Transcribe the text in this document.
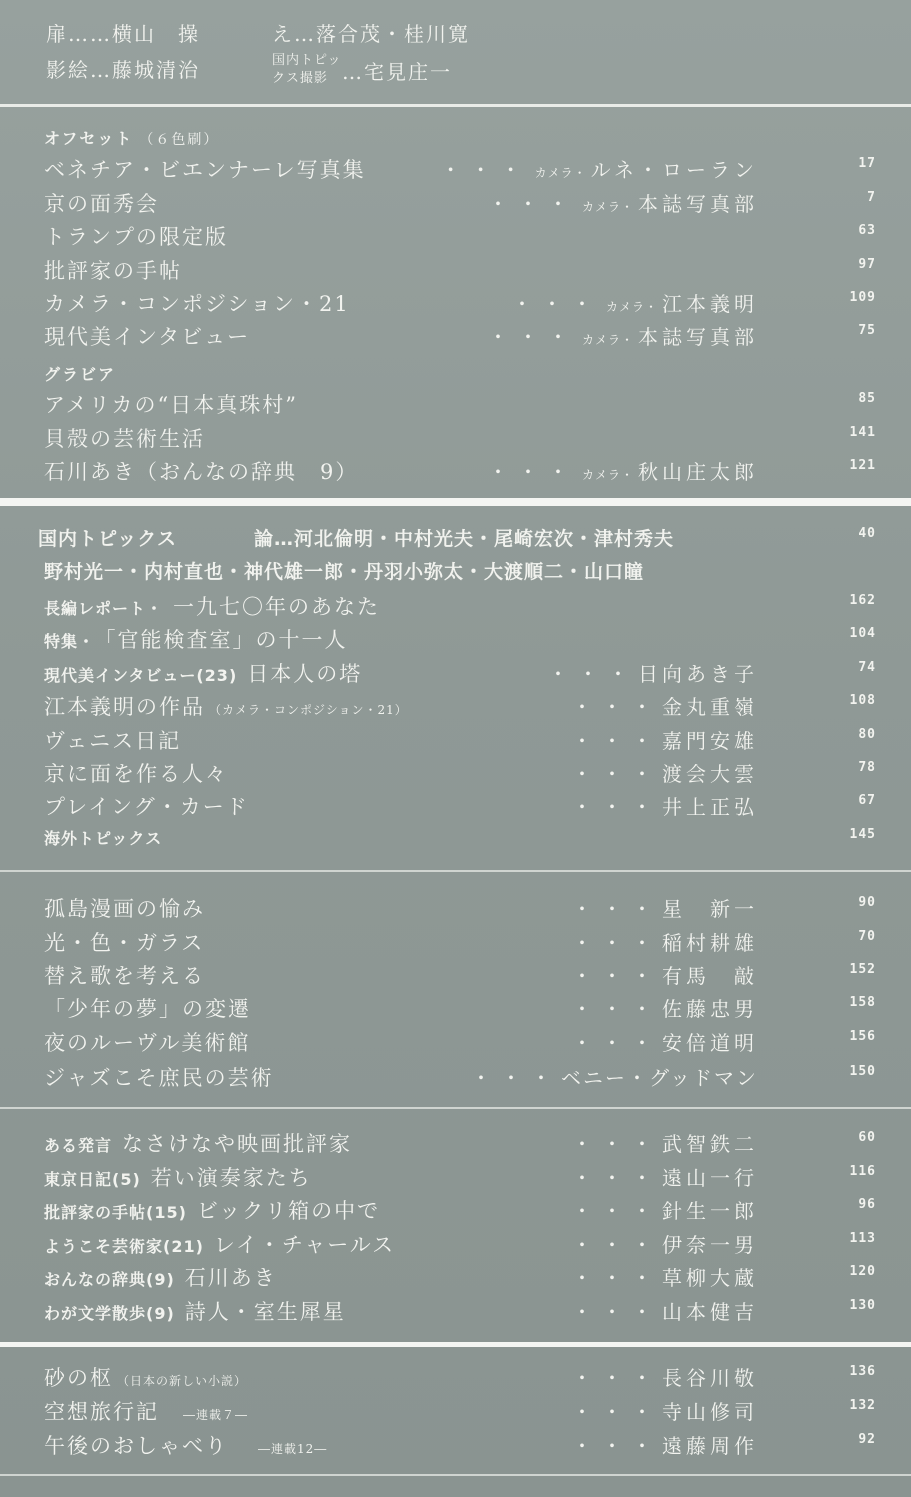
扉……横山　操	え…落合茂・桂川寛
影絵…藤城清治	国内トピッ
クス撮影 …宅見庄一
オフセット （６色刷）
ベネチア・ビエンナーレ写真集	・・・ カメラ・ ルネ・ローラン	17
京の面秀会	・・・ カメラ・ 本誌写真部	7
トランプの限定版	63
批評家の手帖	97
カメラ・コンポジション・21	・・・ カメラ・ 江本義明	109
現代美インタビュー	・・・ カメラ・ 本誌写真部	75
グラビア
アメリカの“日本真珠村”	85
貝殻の芸術生活	141
石川あき（おんなの辞典　9）	・・・ カメラ・ 秋山庄太郎	121
国内トピックス	論…河北倫明・中村光夫・尾崎宏次・津村秀夫	40
野村光一・内村直也・神代雄一郎・丹羽小弥太・大渡順二・山口瞳
長編レポート・ 一九七〇年のあなた	162
特集・ 「官能検査室」の十一人	104
現代美インタビュー(23) 日本人の塔	・・・日向あき子	74
江本義明の作品 （カメラ・コンポジション・21）	・・・金丸重嶺	108
ヴェニス日記	・・・嘉門安雄	80
京に面を作る人々	・・・渡会大雲	78
プレイング・カード	・・・井上正弘	67
海外トピックス	145
孤島漫画の愉み	・・・星　新一	90
光・色・ガラス	・・・稲村耕雄	70
替え歌を考える	・・・有馬　敲	152
「少年の夢」の変遷	・・・佐藤忠男	158
夜のルーヴル美術館	・・・安倍道明	156
ジャズこそ庶民の芸術	・・・ベニー・グッドマン	150
ある発言 なさけなや映画批評家	・・・武智鉄二	60
東京日記(5) 若い演奏家たち	・・・遠山一行	116
批評家の手帖(15) ビックリ箱の中で	・・・針生一郎	96
ようこそ芸術家(21) レイ・チャールス	・・・伊奈一男	113
おんなの辞典(9) 石川あき	・・・草柳大蔵	120
わが文学散歩(9) 詩人・室生犀星	・・・山本健吉	130
砂の枢 （日本の新しい小説）	・・・長谷川敬	136
空想旅行記 ―連載７―	・・・寺山修司	132
午後のおしゃべり	―連載12―	・・・遠藤周作	92
